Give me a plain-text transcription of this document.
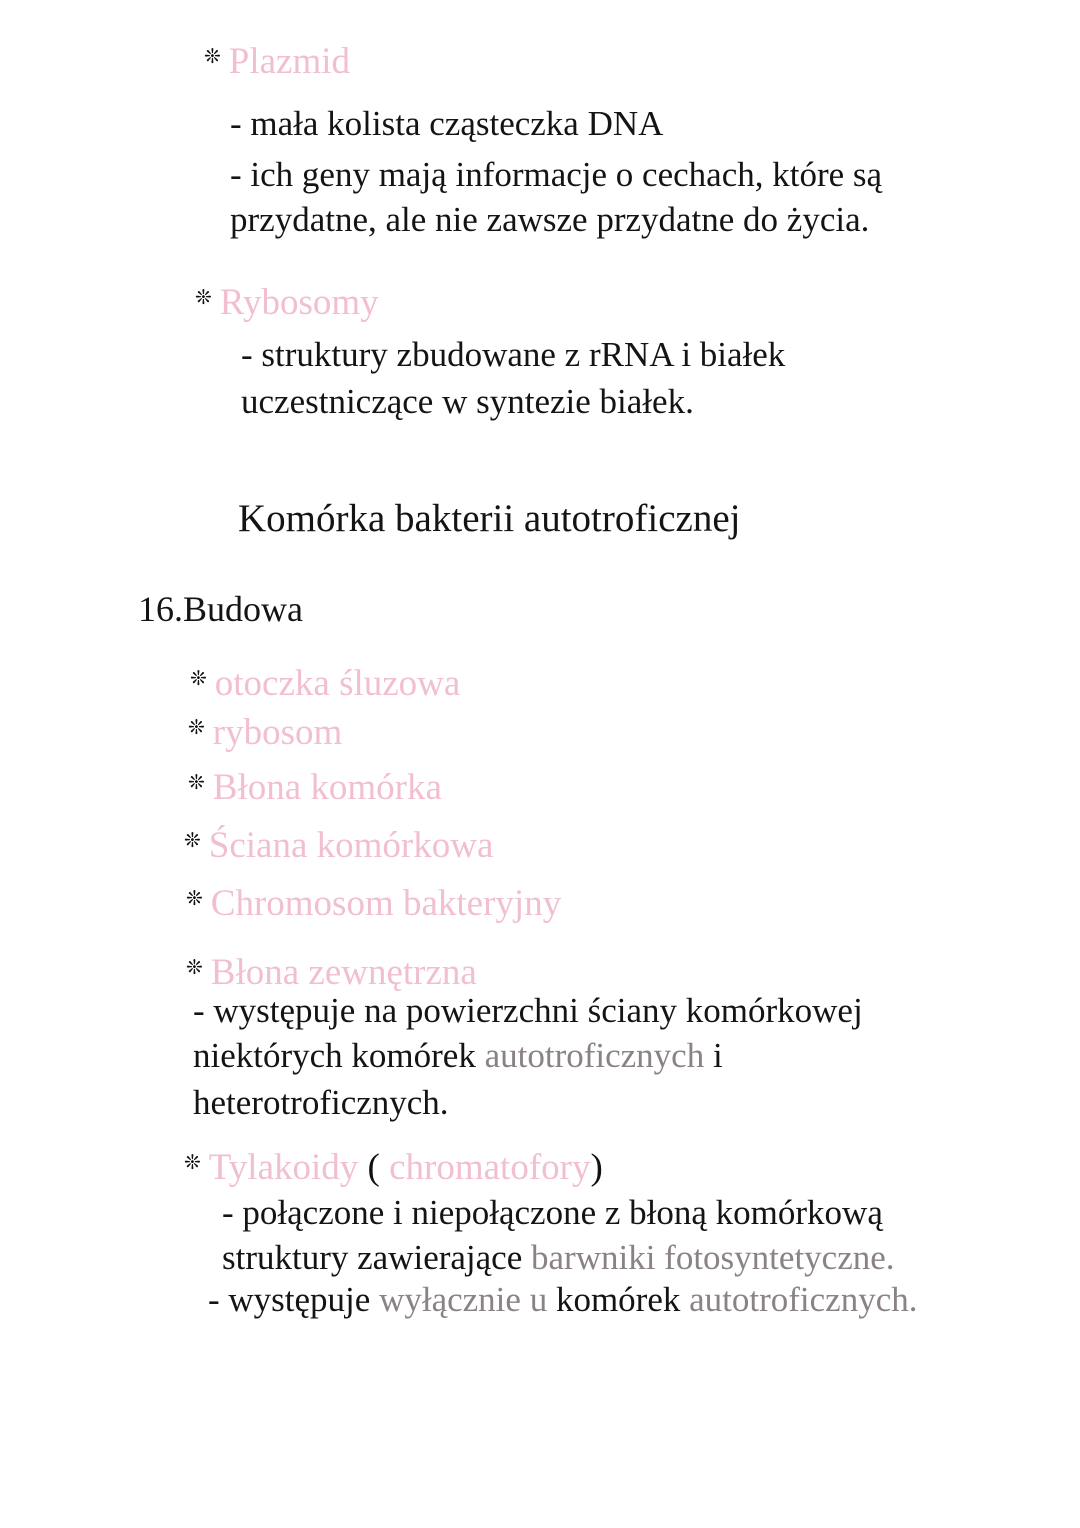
❊ Plazmid
- mała kolista cząsteczka DNA
- ich geny mają informacje o cechach, które są
przydatne, ale nie zawsze przydatne do życia.
❊ Rybosomy
- struktury zbudowane z rRNA i białek
uczestniczące w syntezie białek.
Komórka bakterii autotroficznej
16.Budowa
❊ otoczka śluzowa
❊ rybosom
❊ Błona komórka
❊ Ściana komórkowa
❊ Chromosom bakteryjny
❊ Błona zewnętrzna
- występuje na powierzchni ściany komórkowej
niektórych komórek autotroficznych i
heterotroficznych.
❊ Tylakoidy ( chromatofory)
- połączone i niepołączone z błoną komórkową
struktury zawierające barwniki fotosyntetyczne.
- występuje wyłącznie u komórek autotroficznych.
